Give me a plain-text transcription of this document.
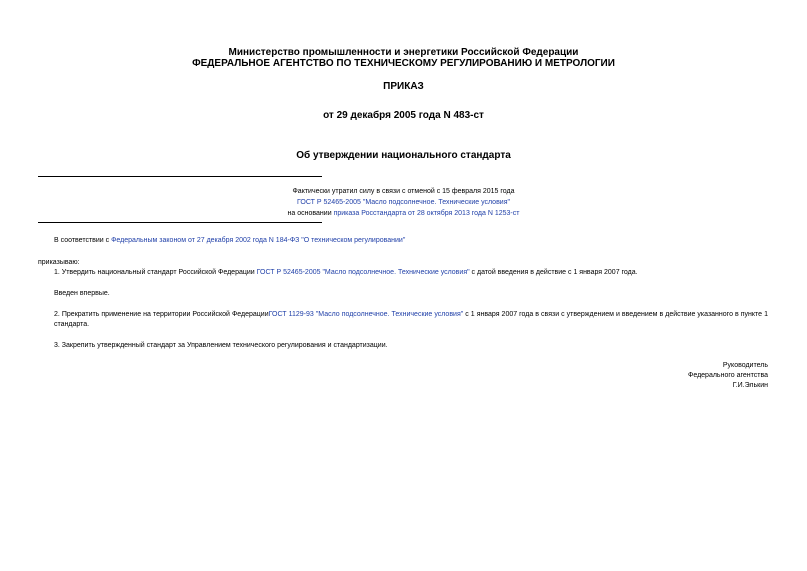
Министерство промышленности и энергетики Российской Федерации
ФЕДЕРАЛЬНОЕ АГЕНТСТВО ПО ТЕХНИЧЕСКОМУ РЕГУЛИРОВАНИЮ И МЕТРОЛОГИИ
ПРИКАЗ
от 29 декабря 2005 года N 483-ст
Об утверждении национального стандарта
Фактически утратил силу в связи с отменой с 15 февраля 2015 года
ГОСТ Р 52465-2005 "Масло подсолнечное. Технические условия"
на основании приказа Росстандарта от 28 октября 2013 года N 1253-ст
В соответствии с Федеральным законом от 27 декабря 2002 года N 184-ФЗ "О техническом регулировании"
приказываю:
1. Утвердить национальный стандарт Российской Федерации ГОСТ Р 52465-2005 "Масло подсолнечное. Технические условия" с датой введения в действие с 1 января 2007 года.
Введен впервые.
2. Прекратить применение на территории Российской ФедерацииГОСТ 1129-93 "Масло подсолнечное. Технические условия" с 1 января 2007 года в связи с утверждением и введением в действие указанного в пункте 1 стандарта.
3. Закрепить утвержденный стандарт за Управлением технического регулирования и стандартизации.
Руководитель
Федерального агентства
Г.И.Элькин
